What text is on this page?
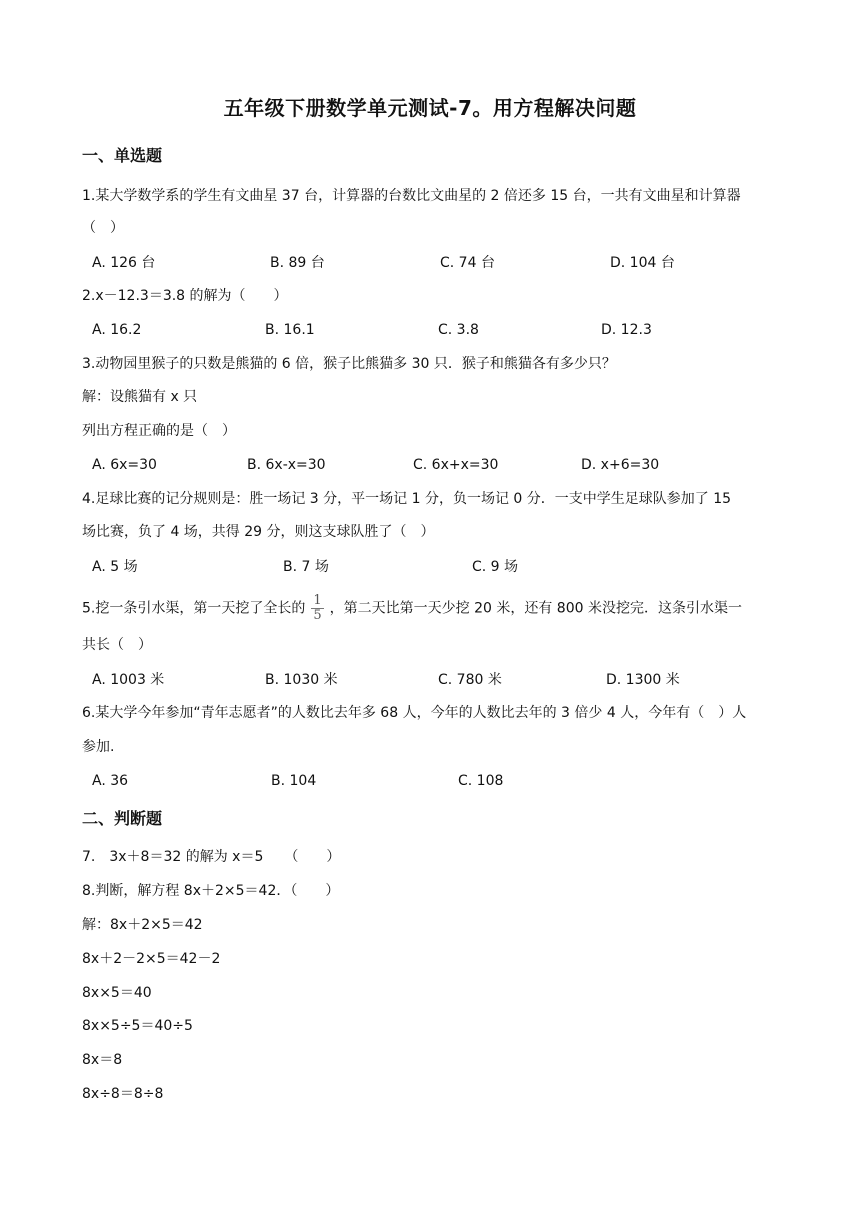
五年级下册数学单元测试-7。用方程解决问题
一、单选题
1.某大学数学系的学生有文曲星 37 台，计算器的台数比文曲星的 2 倍还多 15 台，一共有文曲星和计算器
（　）
A. 126 台	B. 89 台	C. 74 台	D. 104 台
2.x－12.3＝3.8 的解为（　　）
A. 16.2	B. 16.1	C. 3.8	D. 12.3
3.动物园里猴子的只数是熊猫的 6 倍，猴子比熊猫多 30 只．猴子和熊猫各有多少只？
解：设熊猫有 x 只
列出方程正确的是（　）
A. 6x=30	B. 6x-x=30	C. 6x+x=30	D. x+6=30
4.足球比赛的记分规则是：胜一场记 3 分，平一场记 1 分，负一场记 0 分．一支中学生足球队参加了 15
场比赛，负了 4 场，共得 29 分，则这支球队胜了（　）
A. 5 场	B. 7 场	C. 9 场
5.挖一条引水渠，第一天挖了全长的 $\frac{1}{5}$ ，第二天比第一天少挖 20 米，还有 800 米没挖完．这条引水渠一
共长（　）
A. 1003 米	B. 1030 米	C. 780 米	D. 1300 米
6.某大学今年参加“青年志愿者”的人数比去年多 68 人，今年的人数比去年的 3 倍少 4 人，今年有（　）人
参加.
A. 36	B. 104	C. 108
二、判断题
7.　3x＋8＝32 的解为 x＝5　　（　　）
8.判断，解方程 8x＋2×5＝42．（　　）
解：8x＋2×5＝42
8x＋2－2×5＝42－2
8x×5＝40
8x×5÷5＝40÷5
8x＝8
8x÷8＝8÷8
